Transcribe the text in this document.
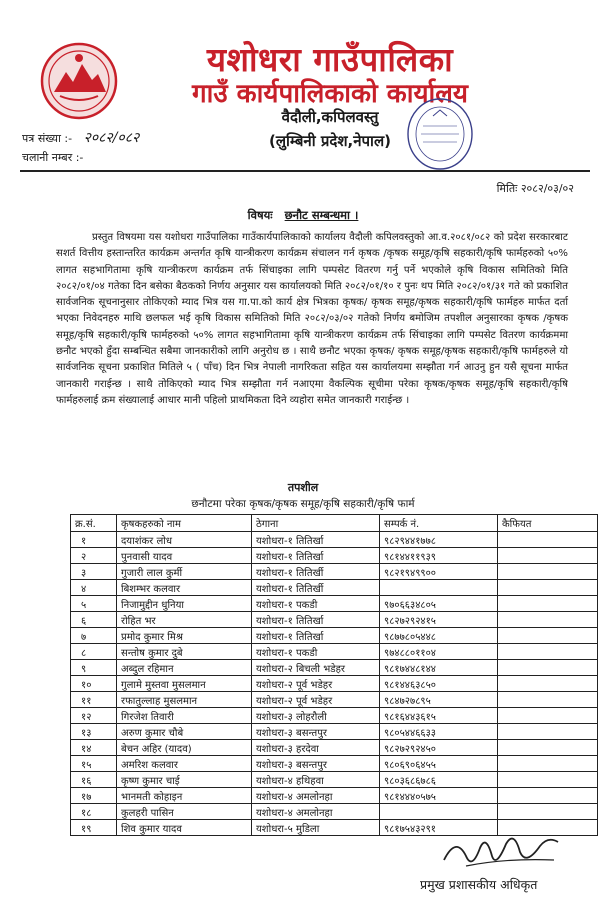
यशोधरा गाउँपालिका
गाउँ कार्यपालिकाको कार्यालय
वैदौली,कपिलवस्तु
(लुम्बिनी प्रदेश,नेपाल)
पत्र संख्या :- २०८२/०८२
चलानी नम्बर :-
मितिः २०८२/०३/०२
विषयः छनौट सम्बन्धमा ।

प्रस्तुत विषयमा यस यशोधरा गाउँपालिका गाउँकार्यपालिकाको कार्यालय वैदौली कपिलवस्तुको आ.व.२०८१/०८२ को प्रदेश सरकारबाट सशर्त वित्तीय हस्तान्तरित कार्यक्रम अन्तर्गत कृषि यान्त्रीकरण कार्यक्रम संचालन गर्न कृषक /कृषक समूह/कृषि सहकारी/कृषि फार्महरुको ५०% लागत सहभागितामा कृषि यान्त्रीकरण कार्यक्रम तर्फ सिंचाइका लागि पम्पसेट वितरण गर्नु पर्ने भएकोले कृषि विकास समितिको मिति २०८२/०१/०४ गतेका दिन बसेका बैठकको निर्णय अनुसार यस कार्यालयको मिति २०८२/०१/१० र पुनः थप मिति २०८२/०१/३१ गते को प्रकाशित सार्वजनिक सूचनानुसार तोकिएको म्याद भित्र यस गा.पा.को कार्य क्षेत्र भित्रका कृषक/ कृषक समूह/कृषक सहकारी/कृषि फार्महरु मार्फत दर्ता भएका निवेदनहरु माथि छलफल भई कृषि विकास समितिको मिति २०८२/०३/०२ गतेको निर्णय बमोजिम तपशील अनुसारका कृषक /कृषक समूह/कृषि सहकारी/कृषि फार्महरुको ५०% लागत सहभागितामा कृषि यान्त्रीकरण कार्यक्रम तर्फ सिंचाइका लागि पम्पसेट वितरण कार्यक्रममा छनौट भएको हुँदा सम्बन्धित सबैमा जानकारीको लागि अनुरोध छ । साथै छनौट भएका कृषक/ कृषक समूह/कृषक सहकारी/कृषि फार्महरुले यो सार्वजनिक सूचना प्रकाशित मितिले ५ ( पाँच) दिन भित्र नेपाली नागरिकता सहित यस कार्यालयमा सम्झौता गर्न आउनु हुन यसै सूचना मार्फत जानकारी गराईन्छ । साथै तोकिएको म्याद भित्र सम्झौता गर्न नआएमा वैकल्पिक सूचीमा परेका कृषक/कृषक समूह/कृषि सहकारी/कृषि फार्महरुलाई क्रम संख्यालाई आधार मानी पहिलो प्राथमिकता दिने व्यहोरा समेत जानकारी गराईन्छ ।

तपशील
छनौटमा परेका कृषक/कृषक समूह/कृषि सहकारी/कृषि फार्म
क्र.सं.	कृषकहरुको नाम	ठेगाना	सम्पर्क नं.	कैफियत
१	दयाशंकर लोध	यशोधरा-१ तितिर्खा	९८२९४४१७७८	
२	पुनवासी यादव	यशोधरा-१ तितिर्खा	९८१४४११९३९	
३	गुजारी लाल कुर्मी	यशोधरा-१ तितिर्खी	९८२१९४९९००	
४	बिशम्भर कलवार	यशोधरा-१ तितिर्खी		
५	निजामुद्दीन धुनिया	यशोधरा-१ पकडी	९७०६६३४८०५	
६	रोहित भर	यशोधरा-१ तितिर्खा	९८२७२९२४१५	
७	प्रमोद कुमार मिश्र	यशोधरा-१ तितिर्खा	९८७७८०५४४८	
८	सन्तोष कुमार दुबे	यशोधरा-१ पकडी	९७४८८०११०४	
९	अब्दुल रहिमान	यशोधरा-२ बिचली भडेहर	९८१७४४८१४४	
१०	गुलामे मुस्तवा मुसलमान	यशोधरा-२ पूर्व भडेहर	९८१४४६३८५०	
११	रफातुल्लाह मुसलमान	यशोधरा-२ पूर्व भडेहर	९८४७२७८९५	
१२	गिरजेश तिवारी	यशोधरा-३ लोहरौली	९८१६४४३६१५	
१३	अरुण कुमार चौबे	यशोधरा-३ बसन्तपुर	९८०५४४६६३३	
१४	बेचन अहिर (यादव)	यशोधरा-३ हरदेवा	९८२७२९२४५०	
१५	अमरिश कलवार	यशोधरा-३ बसन्तपुर	९८०६९०६४५५	
१६	कृष्ण कुमार चाई	यशोधरा-४ हथिहवा	९८०३६८६७८६	
१७	भानमती कोहाइन	यशोधरा-४ अमलोनहा	९८१४४४०५७५	
१८	कुलहरी पासिन	यशोधरा-४ अमलोनहा		
१९	शिव कुमार यादव	यशोधरा-५ मुडिला	९८१७५४३२९१	
प्रमुख प्रशासकीय अधिकृत
